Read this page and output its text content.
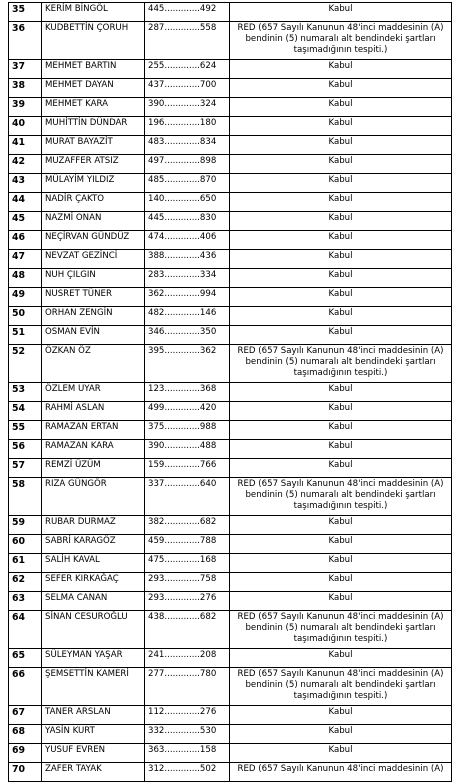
35	KERİM BİNGÖL	445.............492	Kabul
36	KUDBETTİN ÇORUH	287.............558	RED (657 Sayılı Kanunun 48'inci maddesinin (A) bendinin (5) numaralı alt bendindeki şartları taşımadığının tespiti.)
37	MEHMET BARTIN	255.............624	Kabul
38	MEHMET DAYAN	437.............700	Kabul
39	MEHMET KARA	390.............324	Kabul
40	MUHİTTİN DÜNDAR	196.............180	Kabul
41	MURAT BAYAZİT	483.............834	Kabul
42	MUZAFFER ATSIZ	497.............898	Kabul
43	MÜLAYİM YILDIZ	485.............870	Kabul
44	NADİR ÇAKTO	140.............650	Kabul
45	NAZMİ ONAN	445.............830	Kabul
46	NEÇİRVAN GÜNDÜZ	474.............406	Kabul
47	NEVZAT GEZİNCİ	388.............436	Kabul
48	NUH ÇILGIN	283.............334	Kabul
49	NUSRET TÜNER	362.............994	Kabul
50	ORHAN ZENGİN	482.............146	Kabul
51	OSMAN EVİN	346.............350	Kabul
52	ÖZKAN ÖZ	395.............362	RED (657 Sayılı Kanunun 48'inci maddesinin (A) bendinin (5) numaralı alt bendindeki şartları taşımadığının tespiti.)
53	ÖZLEM UYAR	123.............368	Kabul
54	RAHMİ ASLAN	499.............420	Kabul
55	RAMAZAN ERTAN	375.............988	Kabul
56	RAMAZAN KARA	390.............488	Kabul
57	REMZİ ÜZÜM	159.............766	Kabul
58	RIZA GÜNGÖR	337.............640	RED (657 Sayılı Kanunun 48'inci maddesinin (A) bendinin (5) numaralı alt bendindeki şartları taşımadığının tespiti.)
59	RUBAR DURMAZ	382.............682	Kabul
60	SABRİ KARAGÖZ	459.............788	Kabul
61	SALİH KAVAL	475.............168	Kabul
62	SEFER KIRKAĞAÇ	293.............758	Kabul
63	SELMA CANAN	293.............276	Kabul
64	SİNAN CESUROĞLU	438.............682	RED (657 Sayılı Kanunun 48'inci maddesinin (A) bendinin (5) numaralı alt bendindeki şartları taşımadığının tespiti.)
65	SÜLEYMAN YAŞAR	241.............208	Kabul
66	ŞEMSETTİN KAMERİ	277.............780	RED (657 Sayılı Kanunun 48'inci maddesinin (A) bendinin (5) numaralı alt bendindeki şartları taşımadığının tespiti.)
67	TANER ARSLAN	112.............276	Kabul
68	YASİN KURT	332.............530	Kabul
69	YUSUF EVREN	363.............158	Kabul
70	ZAFER TAYAK	312.............502	RED (657 Sayılı Kanunun 48'inci maddesinin (A)
